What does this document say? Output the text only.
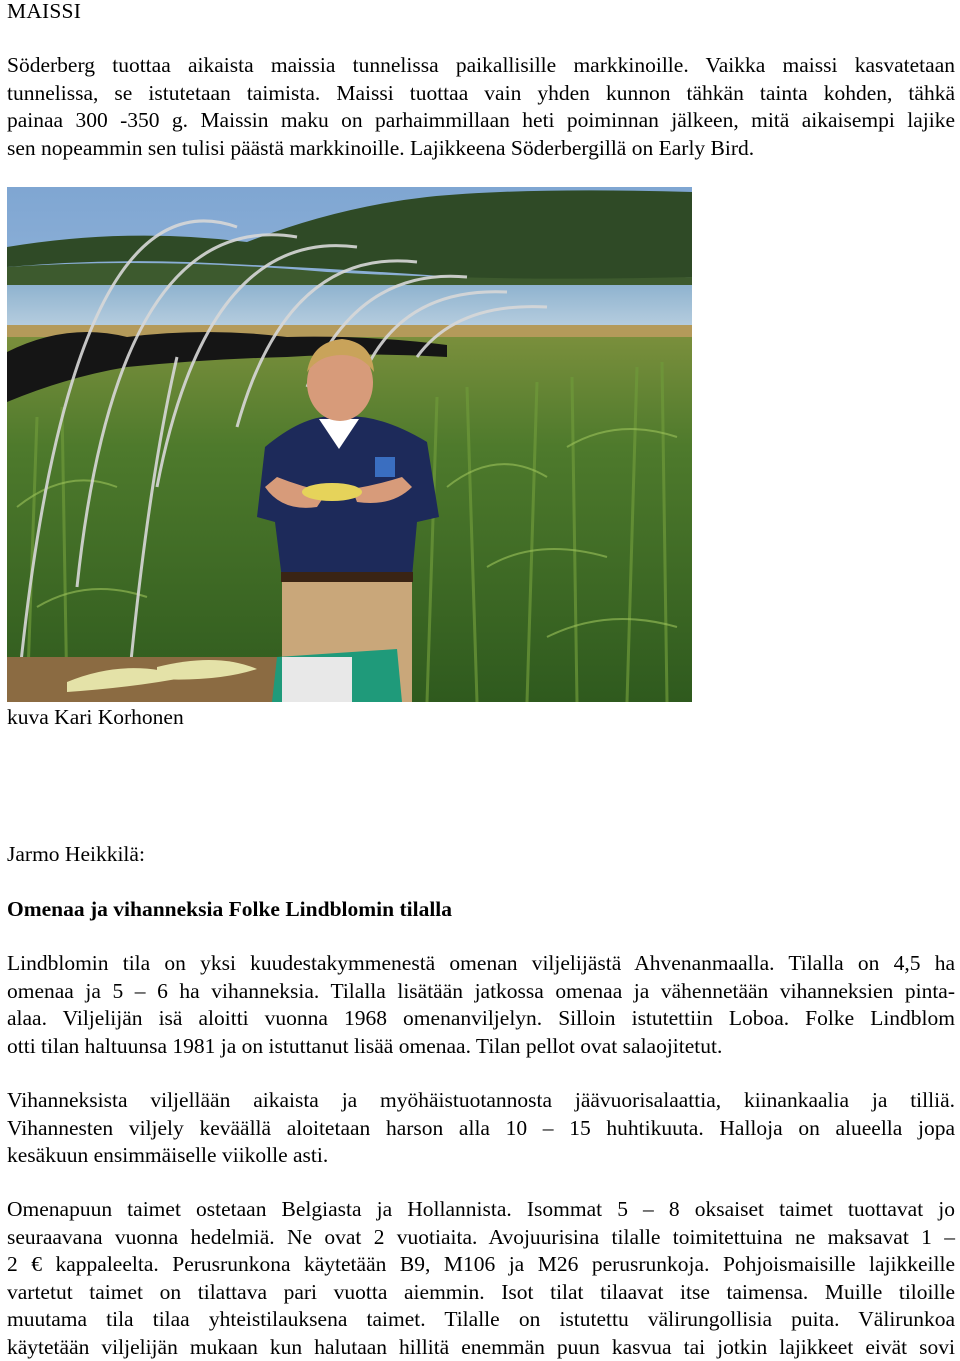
MAISSI
Söderberg tuottaa aikaista maissia tunnelissa paikallisille markkinoille. Vaikka maissi kasvatetaan
tunnelissa, se istutetaan taimista. Maissi tuottaa vain yhden kunnon tähkän tainta kohden, tähkä
painaa 300 -350 g. Maissin maku on parhaimmillaan heti poiminnan jälkeen, mitä aikaisempi lajike
sen nopeammin sen tulisi päästä markkinoille. Lajikkeena Söderbergillä on Early Bird.
kuva Kari Korhonen
Jarmo Heikkilä:
Omenaa ja vihanneksia Folke Lindblomin tilalla
Lindblomin tila on yksi kuudestakymmenestä omenan viljelijästä Ahvenanmaalla. Tilalla on 4,5 ha
omenaa ja 5 – 6 ha vihanneksia. Tilalla lisätään jatkossa omenaa ja vähennetään vihanneksien pinta-
alaa. Viljelijän isä aloitti vuonna 1968 omenanviljelyn. Silloin istutettiin Loboa. Folke Lindblom
otti tilan haltuunsa 1981 ja on istuttanut lisää omenaa. Tilan pellot ovat salaojitetut.
Vihanneksista viljellään aikaista ja myöhäistuotannosta jäävuorisalaattia, kiinankaalia ja tilliä.
Vihannesten viljely keväällä aloitetaan harson alla 10 – 15 huhtikuuta. Halloja on alueella jopa
kesäkuun ensimmäiselle viikolle asti.
Omenapuun taimet ostetaan Belgiasta ja Hollannista. Isommat 5 – 8 oksaiset taimet tuottavat jo
seuraavana vuonna hedelmiä. Ne ovat 2 vuotiaita. Avojuurisina tilalle toimitettuina ne maksavat 1 –
2 € kappaleelta. Perusrunkona käytetään B9, M106 ja M26 perusrunkoja. Pohjoismaisille lajikkeille
vartetut taimet on tilattava pari vuotta aiemmin. Isot tilat tilaavat itse taimensa. Muille tiloille
muutama tila tilaa yhteistilauksena taimet. Tilalle on istutettu välirungollisia puita. Välirunkoa
käytetään viljelijän mukaan kun halutaan hillitä enemmän puun kasvua tai jotkin lajikkeet eivät sovi
